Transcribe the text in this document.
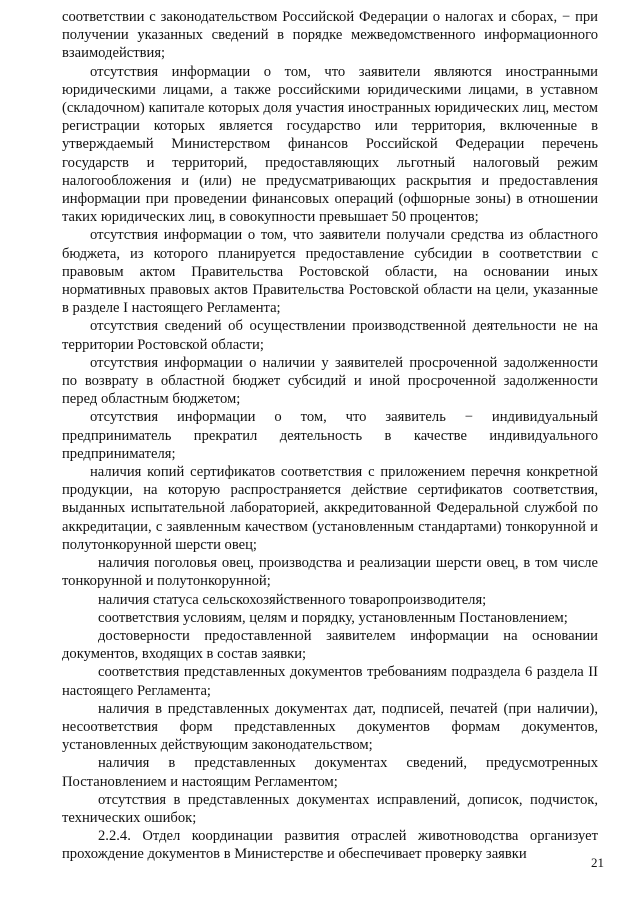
соответствии с законодательством Российской Федерации о налогах и сборах, − при получении указанных сведений в порядке межведомственного информационного взаимодействия;

отсутствия информации о том, что заявители являются иностранными юридическими лицами, а также российскими юридическими лицами, в уставном (складочном) капитале которых доля участия иностранных юридических лиц, местом регистрации которых является государство или территория, включенные в утверждаемый Министерством финансов Российской Федерации перечень государств и территорий, предоставляющих льготный налоговый режим налогообложения и (или) не предусматривающих раскрытия и предоставления информации при проведении финансовых операций (офшорные зоны) в отношении таких юридических лиц, в совокупности превышает 50 процентов;

отсутствия информации о том, что заявители получали средства из областного бюджета, из которого планируется предоставление субсидии в соответствии с правовым актом Правительства Ростовской области, на основании иных нормативных правовых актов Правительства Ростовской области на цели, указанные в разделе I настоящего Регламента;

отсутствия сведений об осуществлении производственной деятельности не на территории Ростовской области;

отсутствия информации о наличии у заявителей просроченной задолженности по возврату в областной бюджет субсидий и иной просроченной задолженности перед областным бюджетом;

отсутствия информации о том, что заявитель − индивидуальный предприниматель прекратил деятельность в качестве индивидуального предпринимателя;

наличия копий сертификатов соответствия с приложением перечня конкретной продукции, на которую распространяется действие сертификатов соответствия, выданных испытательной лабораторией, аккредитованной Федеральной службой по аккредитации, с заявленным качеством (установленным стандартами) тонкорунной и полутонкорунной шерсти овец;

наличия поголовья овец, производства и реализации шерсти овец, в том числе тонкорунной и полутонкорунной;

наличия статуса сельскохозяйственного товаропроизводителя;

соответствия условиям, целям и порядку, установленным Постановлением;

достоверности предоставленной заявителем информации на основании документов, входящих в состав заявки;

соответствия представленных документов требованиям подраздела 6 раздела II настоящего Регламента;

наличия в представленных документах дат, подписей, печатей (при наличии), несоответствия форм представленных документов формам документов, установленных действующим законодательством;

наличия в представленных документах сведений, предусмотренных Постановлением и настоящим Регламентом;

отсутствия в представленных документах исправлений, дописок, подчисток, технических ошибок;

2.2.4. Отдел координации развития отраслей животноводства организует прохождение документов в Министерстве и обеспечивает проверку заявки

21
